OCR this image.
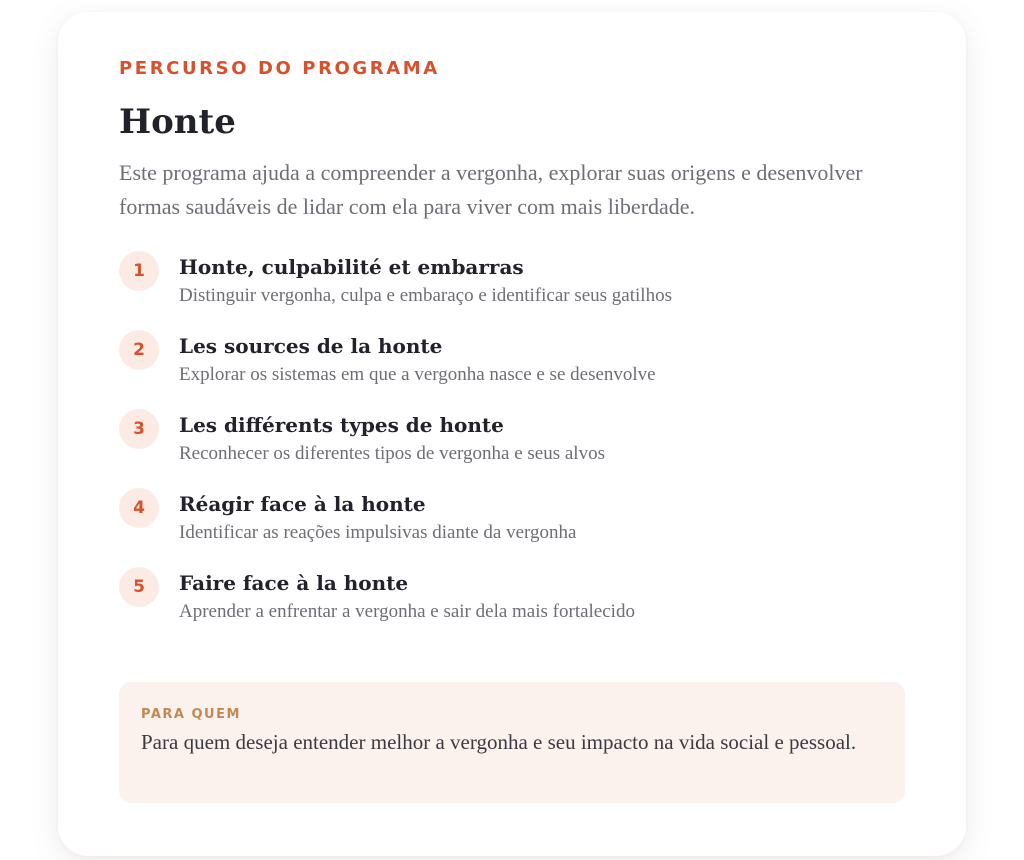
PERCURSO DO PROGRAMA

Honte

Este programa ajuda a compreender a vergonha, explorar suas origens e desenvolver formas saudáveis de lidar com ela para viver com mais liberdade.

1	Honte, culpabilité et embarras

Distinguir vergonha, culpa e embaraço e identificar seus gatilhos

2	Les sources de la honte

Explorar os sistemas em que a vergonha nasce e se desenvolve

3	Les différents types de honte

Reconhecer os diferentes tipos de vergonha e seus alvos

4	Réagir face à la honte

Identificar as reações impulsivas diante da vergonha

5	Faire face à la honte

Aprender a enfrentar a vergonha e sair dela mais fortalecido

PARA QUEM

Para quem deseja entender melhor a vergonha e seu impacto na vida social e pessoal.
